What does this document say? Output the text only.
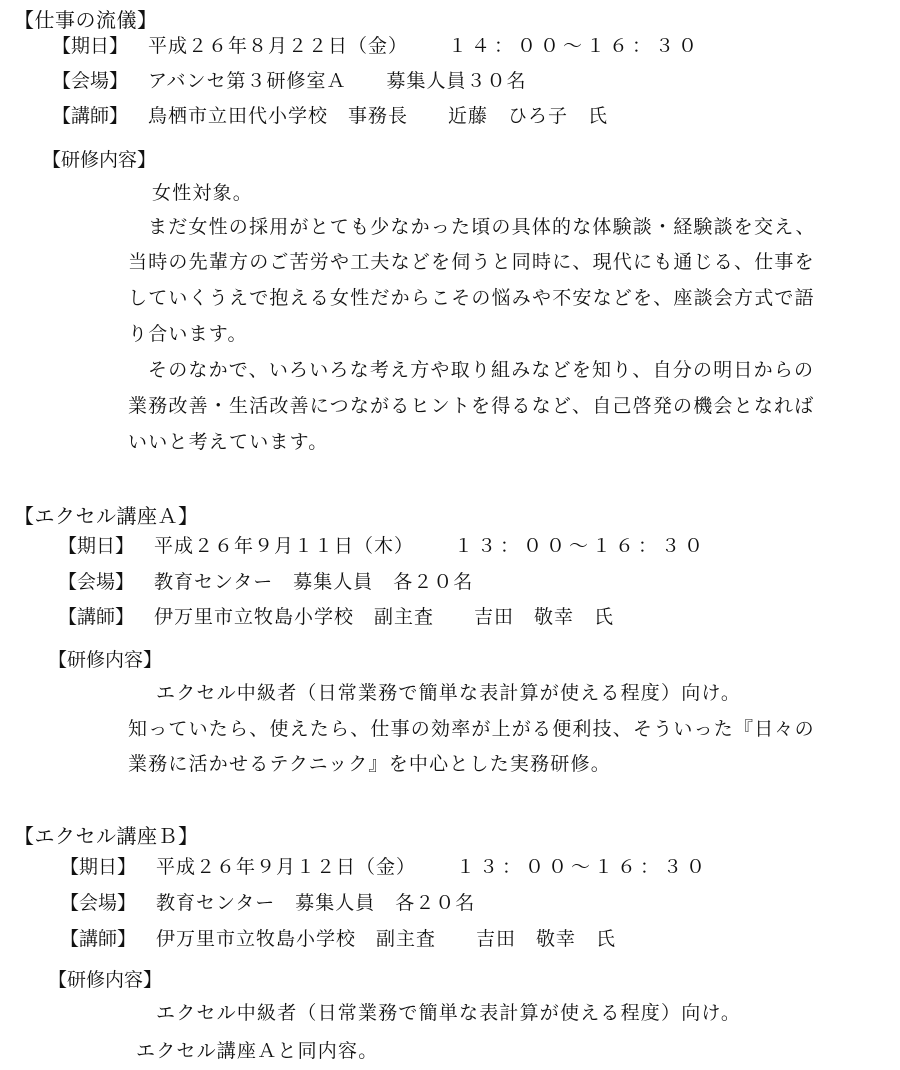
【仕事の流儀】
【期日】 平成２６年８月２２日（金） １４：００～１６：３０
【会場】 アバンセ第３研修室Ａ 募集人員３０名
【講師】 鳥栖市立田代小学校　事務長 近藤　ひろ子　氏
【研修内容】
女性対象。
まだ女性の採用がとても少なかった頃の具体的な体験談・経験談を交え、
当時の先輩方のご苦労や工夫などを伺うと同時に、現代にも通じる、仕事を
していくうえで抱える女性だからこその悩みや不安などを、座談会方式で語
り合います。
そのなかで、いろいろな考え方や取り組みなどを知り、自分の明日からの
業務改善・生活改善につながるヒントを得るなど、自己啓発の機会となれば
いいと考えています。
【エクセル講座Ａ】
【期日】 平成２６年９月１１日（木） １３：００～１６：３０
【会場】 教育センター　募集人員　各２０名
【講師】 伊万里市立牧島小学校　副主査 吉田　敬幸　氏
【研修内容】
エクセル中級者（日常業務で簡単な表計算が使える程度）向け。
知っていたら、使えたら、仕事の効率が上がる便利技、そういった『日々の
業務に活かせるテクニック』を中心とした実務研修。
【エクセル講座Ｂ】
【期日】 平成２６年９月１２日（金） １３：００～１６：３０
【会場】 教育センター　募集人員　各２０名
【講師】 伊万里市立牧島小学校　副主査 吉田　敬幸　氏
【研修内容】
エクセル中級者（日常業務で簡単な表計算が使える程度）向け。
エクセル講座Ａと同内容。
